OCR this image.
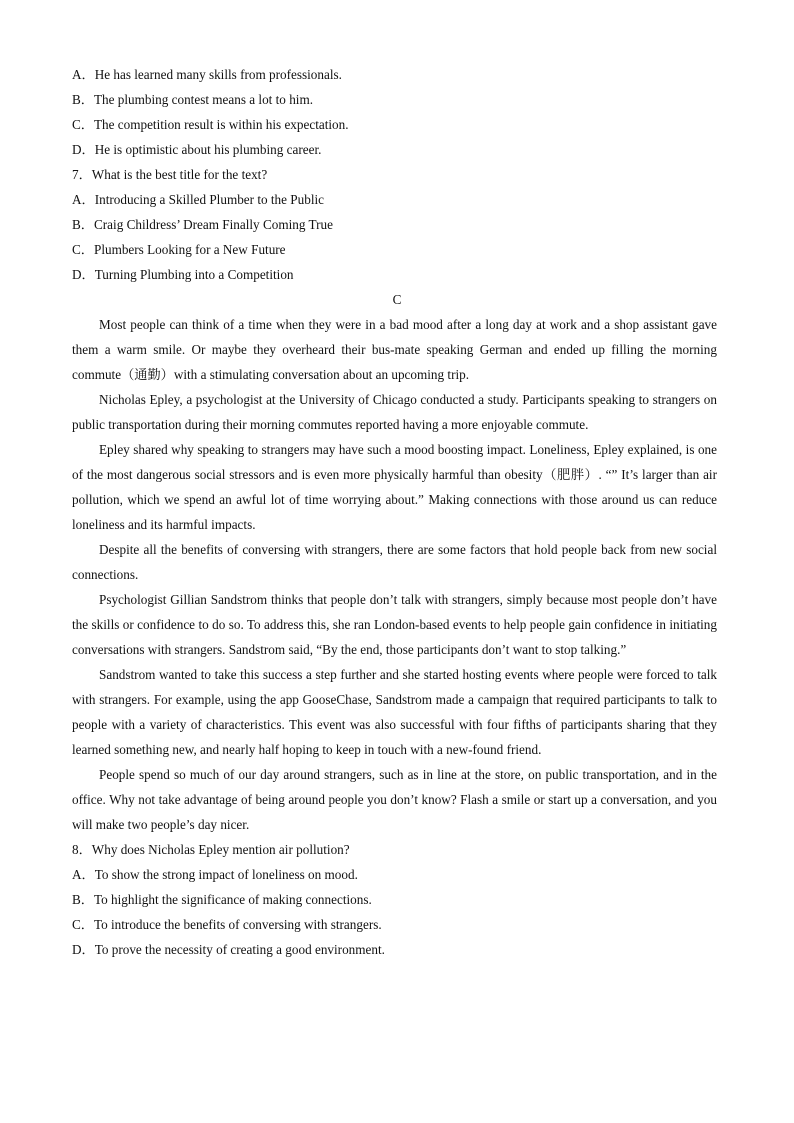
A．He has learned many skills from professionals.

B．The plumbing contest means a lot to him.

C．The competition result is within his expectation.

D．He is optimistic about his plumbing career.

7．What is the best title for the text?

A．Introducing a Skilled Plumber to the Public

B．Craig Childress’ Dream Finally Coming True

C．Plumbers Looking for a New Future

D．Turning Plumbing into a Competition

C

Most people can think of a time when they were in a bad mood after a long day at work and a shop assistant gave them a warm smile. Or maybe they overheard their bus-mate speaking German and ended up filling the morning commute（通勤）with a stimulating conversation about an upcoming trip.

Nicholas Epley, a psychologist at the University of Chicago conducted a study. Participants speaking to strangers on public transportation during their morning commutes reported having a more enjoyable commute.

Epley shared why speaking to strangers may have such a mood boosting impact. Loneliness, Epley explained, is one of the most dangerous social stressors and is even more physically harmful than obesity（肥胖）. “” It’s larger than air pollution, which we spend an awful lot of time worrying about.” Making connections with those around us can reduce loneliness and its harmful impacts.

Despite all the benefits of conversing with strangers, there are some factors that hold people back from new social connections.

Psychologist Gillian Sandstrom thinks that people don’t talk with strangers, simply because most people don’t have the skills or confidence to do so. To address this, she ran London-based events to help people gain confidence in initiating conversations with strangers. Sandstrom said, “By the end, those participants don’t want to stop talking.”

Sandstrom wanted to take this success a step further and she started hosting events where people were forced to talk with strangers. For example, using the app GooseChase, Sandstrom made a campaign that required participants to talk to people with a variety of characteristics. This event was also successful with four fifths of participants sharing that they learned something new, and nearly half hoping to keep in touch with a new-found friend.

People spend so much of our day around strangers, such as in line at the store, on public transportation, and in the office. Why not take advantage of being around people you don’t know? Flash a smile or start up a conversation, and you will make two people’s day nicer.

8．Why does Nicholas Epley mention air pollution?

A．To show the strong impact of loneliness on mood.

B．To highlight the significance of making connections.

C．To introduce the benefits of conversing with strangers.

D．To prove the necessity of creating a good environment.
